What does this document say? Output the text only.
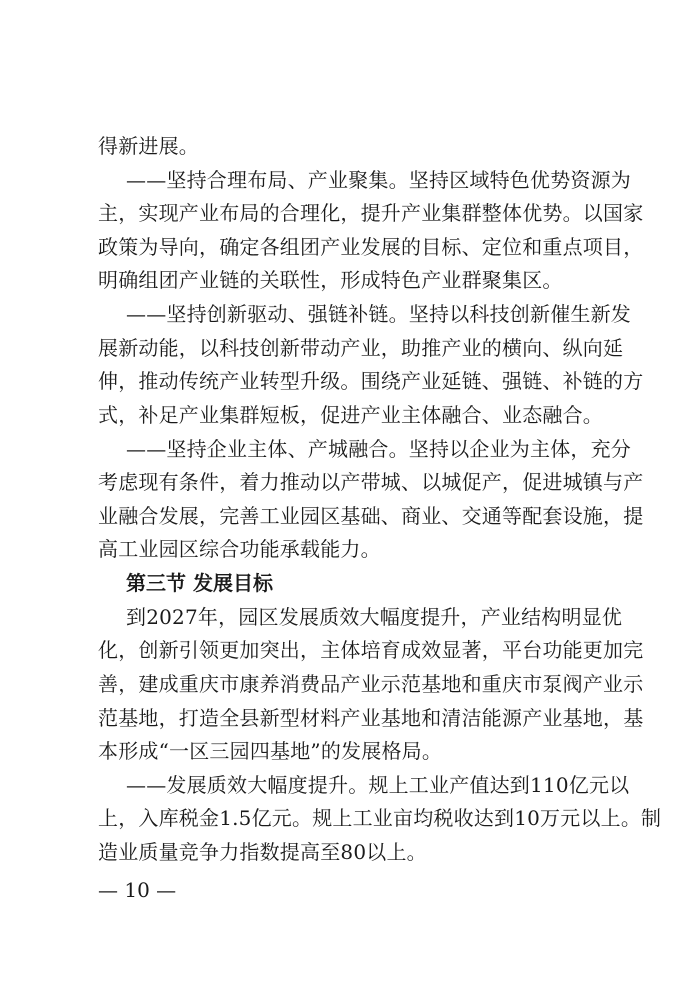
得新进展。
——坚持合理布局、产业聚集。坚持区域特色优势资源为
主，实现产业布局的合理化，提升产业集群整体优势。以国家
政策为导向，确定各组团产业发展的目标、定位和重点项目，
明确组团产业链的关联性，形成特色产业群聚集区。
——坚持创新驱动、强链补链。坚持以科技创新催生新发
展新动能，以科技创新带动产业，助推产业的横向、纵向延
伸，推动传统产业转型升级。围绕产业延链、强链、补链的方
式，补足产业集群短板，促进产业主体融合、业态融合。
——坚持企业主体、产城融合。坚持以企业为主体，充分
考虑现有条件，着力推动以产带城、以城促产，促进城镇与产
业融合发展，完善工业园区基础、商业、交通等配套设施，提
高工业园区综合功能承载能力。
第三节 发展目标
到2027年，园区发展质效大幅度提升，产业结构明显优
化，创新引领更加突出，主体培育成效显著，平台功能更加完
善，建成重庆市康养消费品产业示范基地和重庆市泵阀产业示
范基地，打造全县新型材料产业基地和清洁能源产业基地，基
本形成“一区三园四基地”的发展格局。
——发展质效大幅度提升。规上工业产值达到110亿元以
上，入库税金1.5亿元。规上工业亩均税收达到10万元以上。制
造业质量竞争力指数提高至80以上。
— 10 —
